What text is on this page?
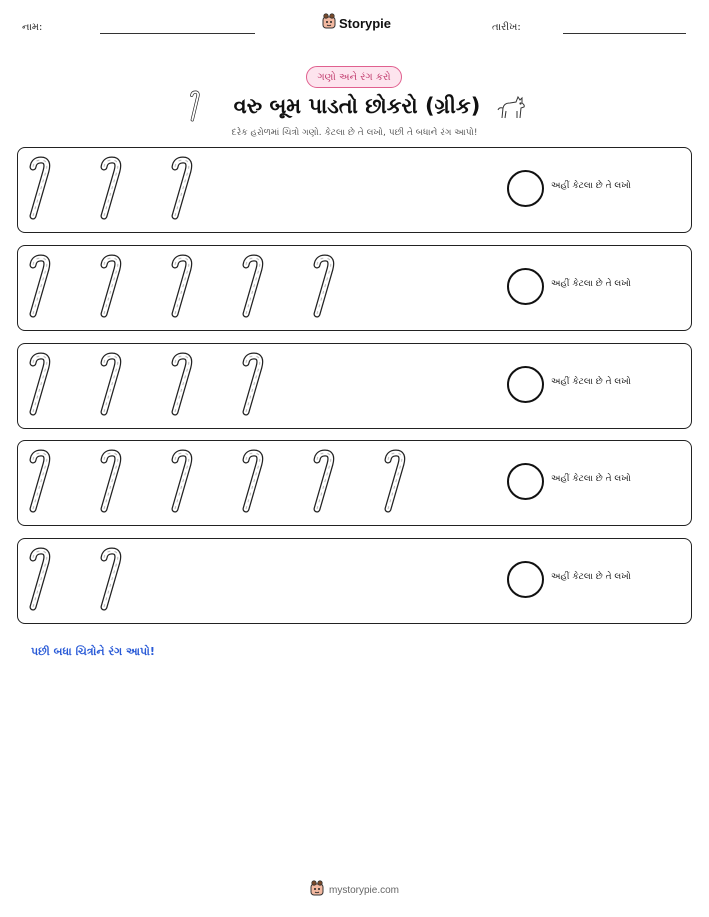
નામ:	Storypie	તારીખ:
ગણો અને રંગ કરો
વરુ બૂમ પાડતો છોકરો (ગ્રીક)
દરેક હરોળમાં ચિત્રો ગણો. કેટલા છે તે લખો, પછી તે બધાને રંગ આપો!
અહીં કેટલા છે તે લખો
અહીં કેટલા છે તે લખો
અહીં કેટલા છે તે લખો
અહીં કેટલા છે તે લખો
અહીં કેટલા છે તે લખો
પછી બધા ચિત્રોને રંગ આપો!
mystorypie.com
